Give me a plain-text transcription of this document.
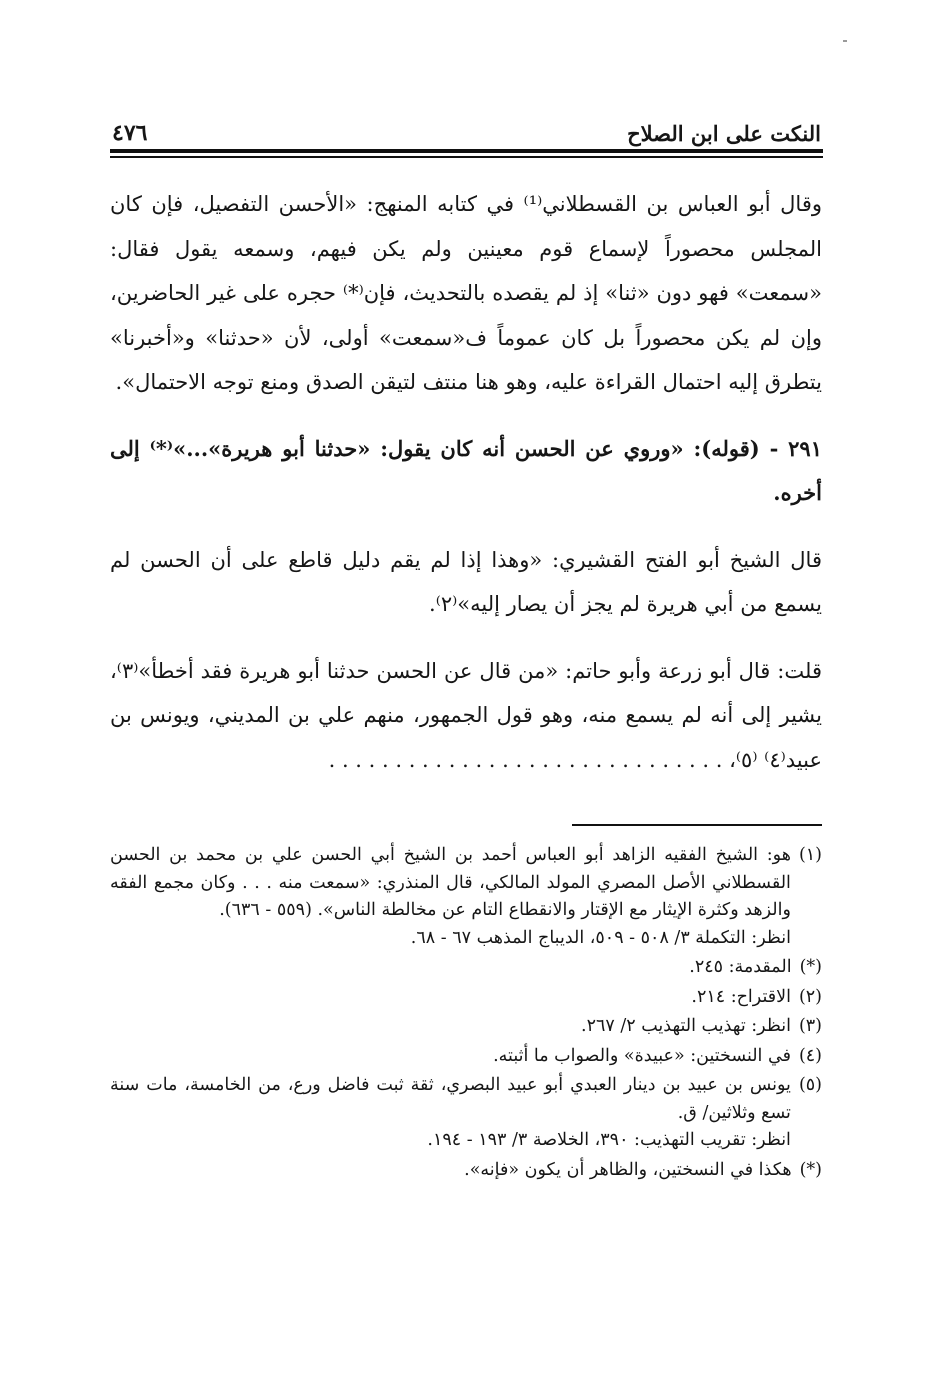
النكت على ابن الصلاح
٤٧٦

وقال أبو العباس بن القسطلاني⁽¹⁾ في كتابه المنهج: «الأحسن التفصيل، فإن كان المجلس محصوراً لإسماع قوم معينين ولم يكن فيهم، وسمعه يقول فقال: «سمعت» فهو دون «ثنا» إذ لم يقصده بالتحديث، فإن⁽*⁾ حجره على غير الحاضرين، وإن لم يكن محصوراً بل كان عموماً ف«سمعت» أولى، لأن «حدثنا» و«أخبرنا» يتطرق إليه احتمال القراءة عليه، وهو هنا منتف لتيقن الصدق ومنع توجه الاحتمال».

٢٩١ - (قوله): «وروي عن الحسن أنه كان يقول: «حدثنا أبو هريرة»...»⁽*⁾ إلى أخره.

قال الشيخ أبو الفتح القشيري: «وهذا إذا لم يقم دليل قاطع على أن الحسن لم يسمع من أبي هريرة لم يجز أن يصار إليه»⁽٢⁾.

قلت: قال أبو زرعة وأبو حاتم: «من قال عن الحسن حدثنا أبو هريرة فقد أخطأ»⁽٣⁾، يشير إلى أنه لم يسمع منه، وهو قول الجمهور، منهم علي بن المديني، ويونس بن عبيد⁽٤⁾ ⁽٥⁾، . . . . . . . . . . . . . . . . . . . . . . . . . . . . . .

(١)
هو: الشيخ الفقيه الزاهد أبو العباس أحمد بن الشيخ أبي الحسن علي بن محمد بن الحسن القسطلاني الأصل المصري المولد المالكي، قال المنذري: «سمعت منه . . . وكان مجمع الفقه والزهد وكثرة الإيثار مع الإقتار والانقطاع التام عن مخالطة الناس». (٥٥٩ - ٦٣٦).
انظر: التكملة ٣/ ٥٠٨ - ٥٠٩، الديباج المذهب ٦٧ - ٦٨.
(*)
المقدمة: ٢٤٥.
(٢)
الاقتراح: ٢١٤.
(٣)
انظر: تهذيب التهذيب ٢/ ٢٦٧.
(٤)
في النسختين: «عبيدة» والصواب ما أثبته.
(٥)
يونس بن عبيد بن دينار العبدي أبو عبيد البصري، ثقة ثبت فاضل ورع، من الخامسة، مات سنة تسع وثلاثين/ ق.
انظر: تقريب التهذيب: ٣٩٠، الخلاصة ٣/ ١٩٣ - ١٩٤.
(*)
هكذا في النسختين، والظاهر أن يكون «فإنه».
